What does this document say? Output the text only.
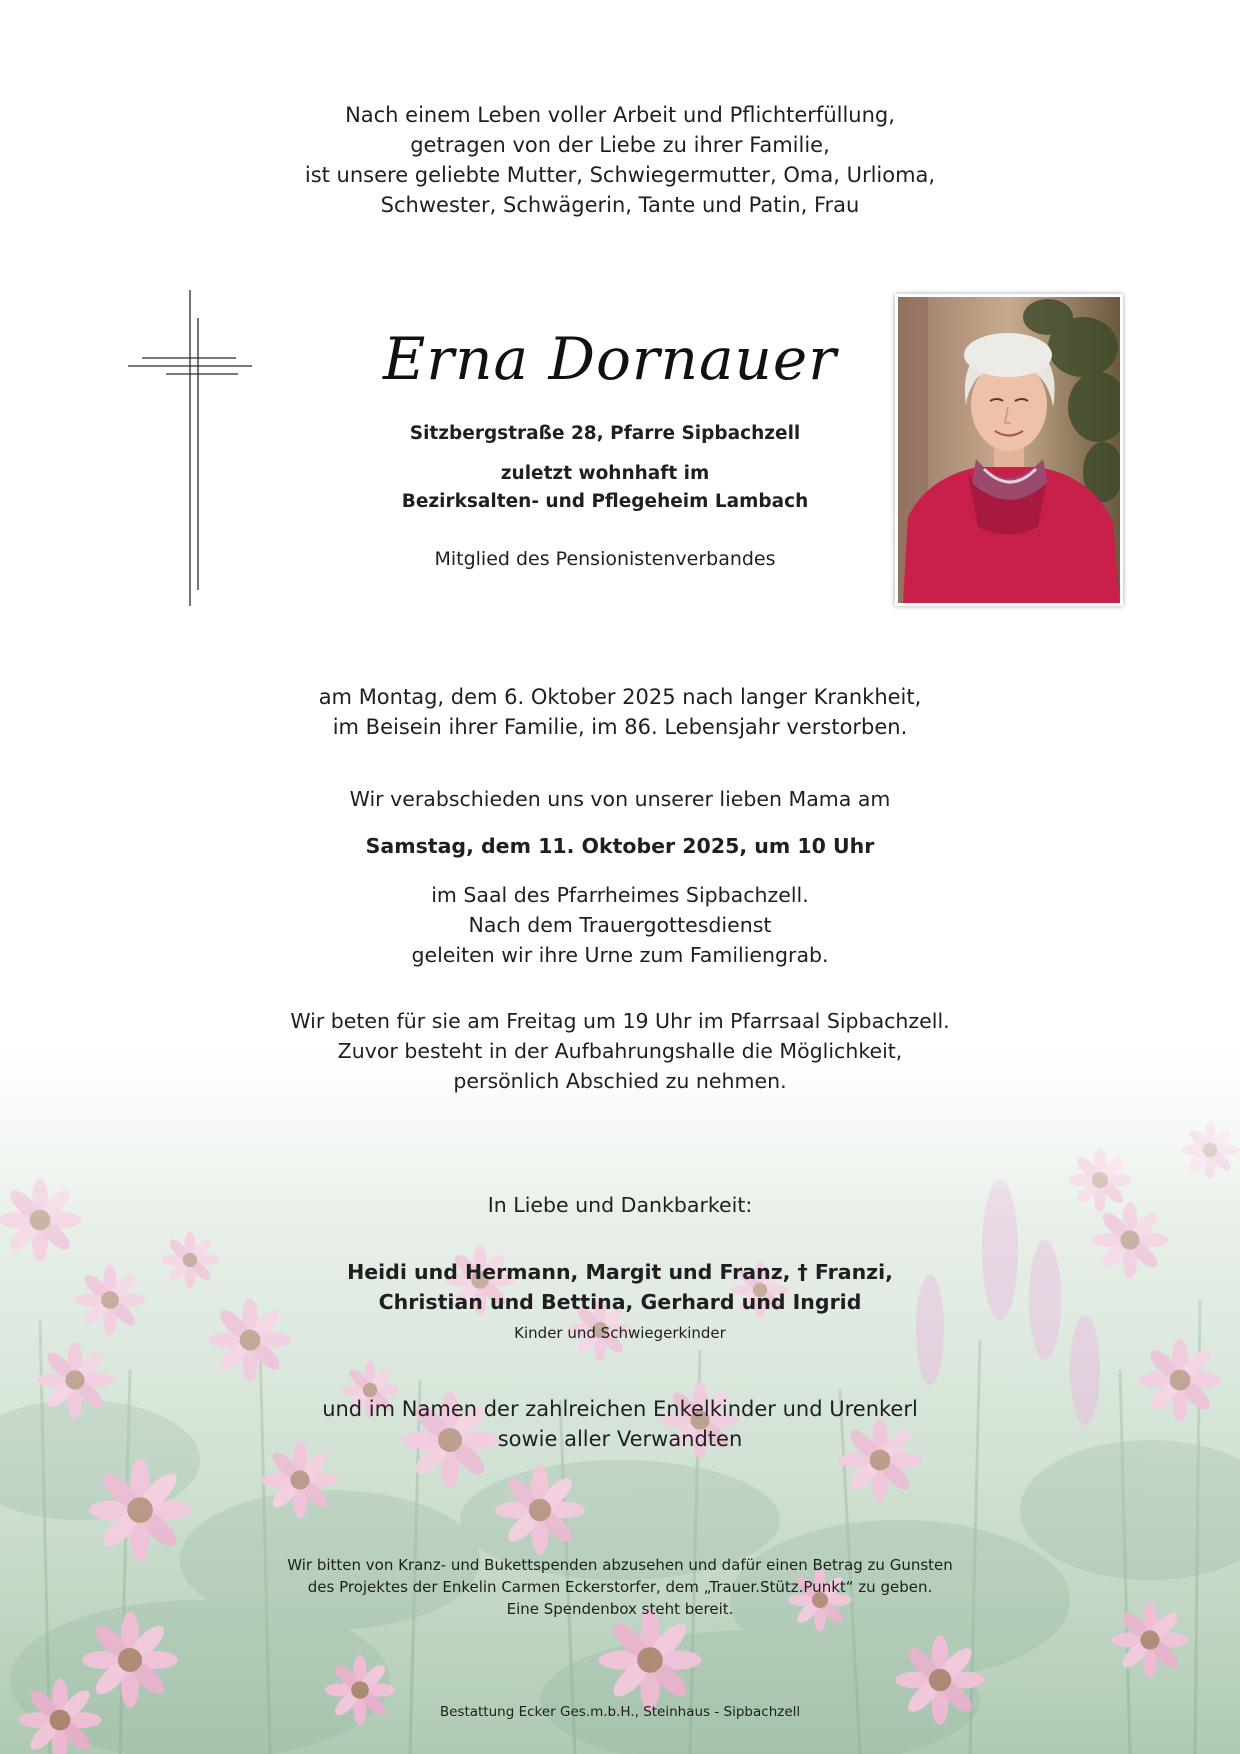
Nach einem Leben voller Arbeit und Pflichterfüllung,
getragen von der Liebe zu ihrer Familie,
ist unsere geliebte Mutter, Schwiegermutter, Oma, Urlioma,
Schwester, Schwägerin, Tante und Patin, Frau
Erna Dornauer
Sitzbergstraße 28, Pfarre Sipbachzell
zuletzt wohnhaft im
Bezirksalten- und Pflegeheim Lambach
Mitglied des Pensionistenverbandes
am Montag, dem 6. Oktober 2025 nach langer Krankheit,
im Beisein ihrer Familie, im 86. Lebensjahr verstorben.
Wir verabschieden uns von unserer lieben Mama am
Samstag, dem 11. Oktober 2025, um 10 Uhr
im Saal des Pfarrheimes Sipbachzell.
Nach dem Trauergottesdienst
geleiten wir ihre Urne zum Familiengrab.
Wir beten für sie am Freitag um 19 Uhr im Pfarrsaal Sipbachzell.
Zuvor besteht in der Aufbahrungshalle die Möglichkeit,
persönlich Abschied zu nehmen.
In Liebe und Dankbarkeit:
Heidi und Hermann, Margit und Franz, † Franzi,
Christian und Bettina, Gerhard und Ingrid
Kinder und Schwiegerkinder
und im Namen der zahlreichen Enkelkinder und Urenkerl
sowie aller Verwandten
Wir bitten von Kranz- und Bukettspenden abzusehen und dafür einen Betrag zu Gunsten
des Projektes der Enkelin Carmen Eckerstorfer, dem „Trauer.Stütz.Punkt“ zu geben.
Eine Spendenbox steht bereit.
Bestattung Ecker Ges.m.b.H., Steinhaus - Sipbachzell
